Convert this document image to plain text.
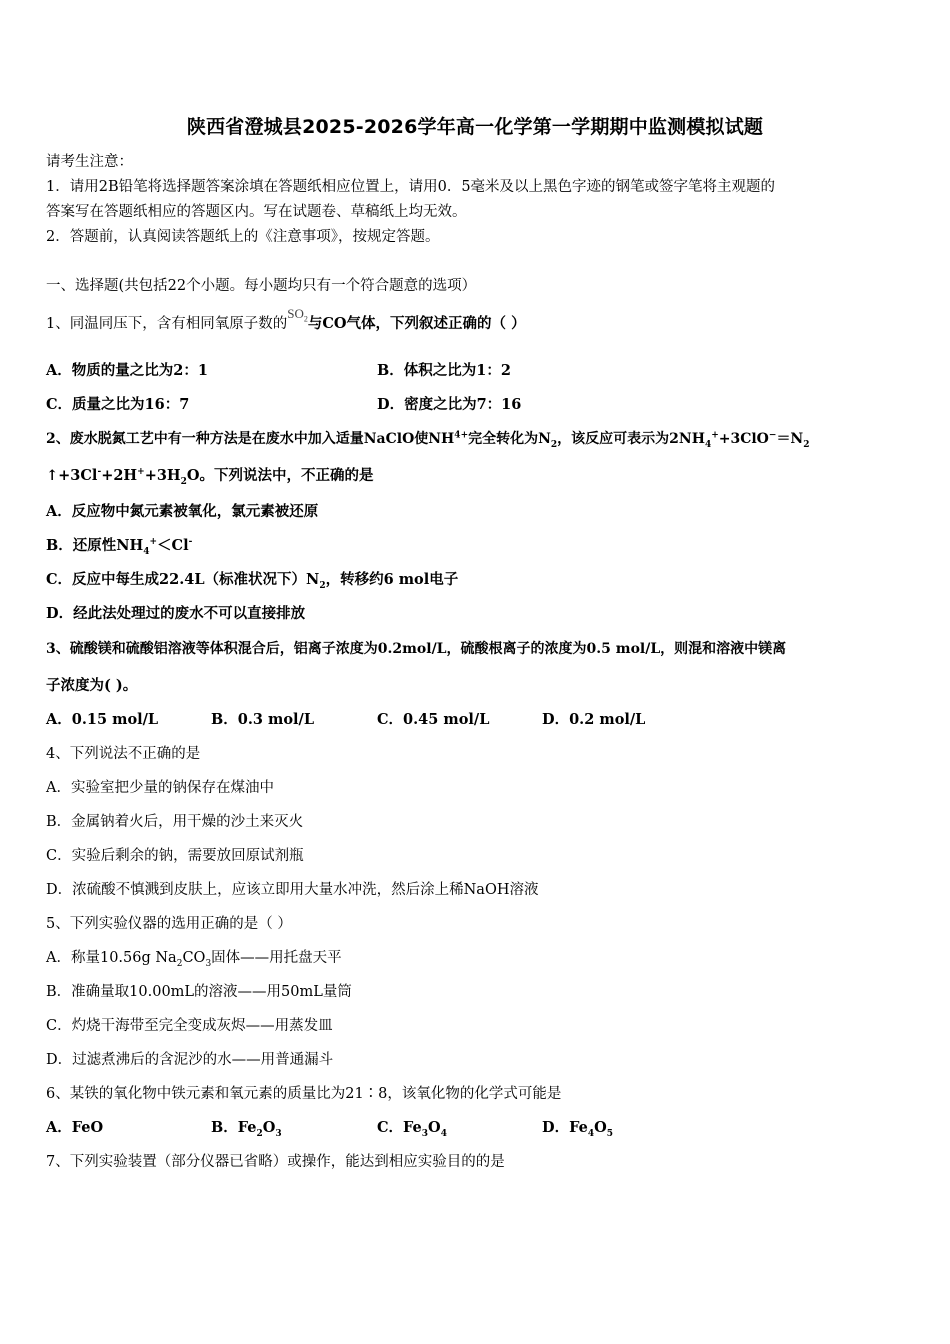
陕西省澄城县2025-2026学年高一化学第一学期期中监测模拟试题
请考生注意：
1．请用2B铅笔将选择题答案涂填在答题纸相应位置上，请用0．5毫米及以上黑色字迹的钢笔或签字笔将主观题的
答案写在答题纸相应的答题区内。写在试题卷、草稿纸上均无效。
2．答题前，认真阅读答题纸上的《注意事项》，按规定答题。
一、选择题(共包括22个小题。每小题均只有一个符合题意的选项）
1、同温同压下，含有相同氧原子数的$SO_2$与CO气体，下列叙述正确的（ ）
A．物质的量之比为2：1	B．体积之比为1：2
C．质量之比为16：7	D．密度之比为7：16
2、废水脱氮工艺中有一种方法是在废水中加入适量NaClO使$NH^{4+}$完全转化为$N_2$，该反应可表示为$2NH_4^++3ClO^-=N_2$
$↑+3Cl^-+2H^++3H_2O$。下列说法中，不正确的是
A．反应物中氮元素被氧化，氯元素被还原
B．还原性$NH_4^+<Cl^-$
C．反应中每生成22.4L（标准状况下）$N_2$，转移约6 mol电子
D．经此法处理过的废水不可以直接排放
3、硫酸镁和硫酸铝溶液等体积混合后，铝离子浓度为0.2mol/L，硫酸根离子的浓度为0.5 mol/L，则混和溶液中镁离
子浓度为( )。
A．0.15 mol/L	B．0.3 mol/L	C．0.45 mol/L	D．0.2 mol/L
4、下列说法不正确的是
A．实验室把少量的钠保存在煤油中
B．金属钠着火后，用干燥的沙土来灭火
C．实验后剩余的钠，需要放回原试剂瓶
D．浓硫酸不慎溅到皮肤上，应该立即用大量水冲洗，然后涂上稀NaOH溶液
5、下列实验仪器的选用正确的是（ ）
A．称量10.56g $Na_2CO_3$固体——用托盘天平
B．准确量取10.00mL的溶液——用50mL量筒
C．灼烧干海带至完全变成灰烬——用蒸发皿
D．过滤煮沸后的含泥沙的水——用普通漏斗
6、某铁的氧化物中铁元素和氧元素的质量比为21∶8，该氧化物的化学式可能是
A．FeO	B．$Fe_2O_3$	C．$Fe_3O_4$	D．$Fe_4O_5$
7、下列实验装置（部分仪器已省略）或操作，能达到相应实验目的的是
